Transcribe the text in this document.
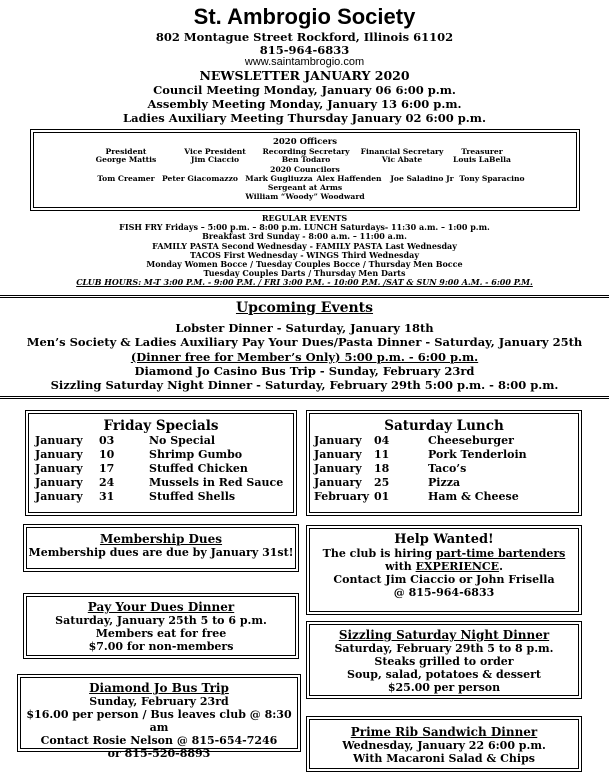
St. Ambrogio Society
802 Montague Street Rockford, Illinois 61102
815-964-6833
www.saintambrogio.com
NEWSLETTER JANUARY 2020
Council Meeting Monday, January 06 6:00 p.m.
Assembly Meeting Monday, January 13 6:00 p.m.
Ladies Auxiliary Meeting Thursday January 02 6:00 p.m.
2020 Officers
President
George Mattis
Vice President
Jim Ciaccio
Recording Secretary
Ben Todaro
Financial Secretary
Vic Abate
Treasurer
Louis LaBella
2020 Councilors
Tom Creamer Peter Giacomazzo Mark Gugliuzza Alex Haffenden Joe Saladino Jr Tony Sparacino
Sergeant at Arms
William “Woody” Woodward
REGULAR EVENTS
FISH FRY Fridays – 5:00 p.m. – 8:00 p.m. LUNCH Saturdays- 11:30 a.m. – 1:00 p.m.
Breakfast 3rd Sunday - 8:00 a.m. – 11:00 a.m.
FAMILY PASTA Second Wednesday - FAMILY PASTA Last Wednesday
TACOS First Wednesday - WINGS Third Wednesday
Monday Women Bocce / Tuesday Couples Bocce / Thursday Men Bocce
Tuesday Couples Darts / Thursday Men Darts
CLUB HOURS: M-T 3:00 P.M. - 9:00 P.M. / FRI 3:00 P.M. - 10:00 P.M. /SAT & SUN 9:00 A.M. - 6:00 P.M.
Upcoming Events
Lobster Dinner - Saturday, January 18th
Men’s Society & Ladies Auxiliary Pay Your Dues/Pasta Dinner - Saturday, January 25th
(Dinner free for Member’s Only) 5:00 p.m. - 6:00 p.m.
Diamond Jo Casino Bus Trip - Sunday, February 23rd
Sizzling Saturday Night Dinner - Saturday, February 29th 5:00 p.m. - 8:00 p.m.
Friday Specials
January 03	No Special
January 10	Shrimp Gumbo
January 17	Stuffed Chicken
January 24	Mussels in Red Sauce
January 31	Stuffed Shells
Saturday Lunch
January 04	Cheeseburger
January 11	Pork Tenderloin
January 18	Taco’s
January 25	Pizza
February 01	Ham & Cheese
Membership Dues
Membership dues are due by January 31st!
Help Wanted!
The club is hiring part-time bartenders
with EXPERIENCE.
Contact Jim Ciaccio or John Frisella
@ 815-964-6833
Pay Your Dues Dinner
Saturday, January 25th 5 to 6 p.m.
Members eat for free
$7.00 for non-members
Sizzling Saturday Night Dinner
Saturday, February 29th 5 to 8 p.m.
Steaks grilled to order
Soup, salad, potatoes & dessert
$25.00 per person
Diamond Jo Bus Trip
Sunday, February 23rd
$16.00 per person / Bus leaves club @ 8:30 am
Contact Rosie Nelson @ 815-654-7246
or 815-520-8893
Prime Rib Sandwich Dinner
Wednesday, January 22 6:00 p.m.
With Macaroni Salad & Chips
